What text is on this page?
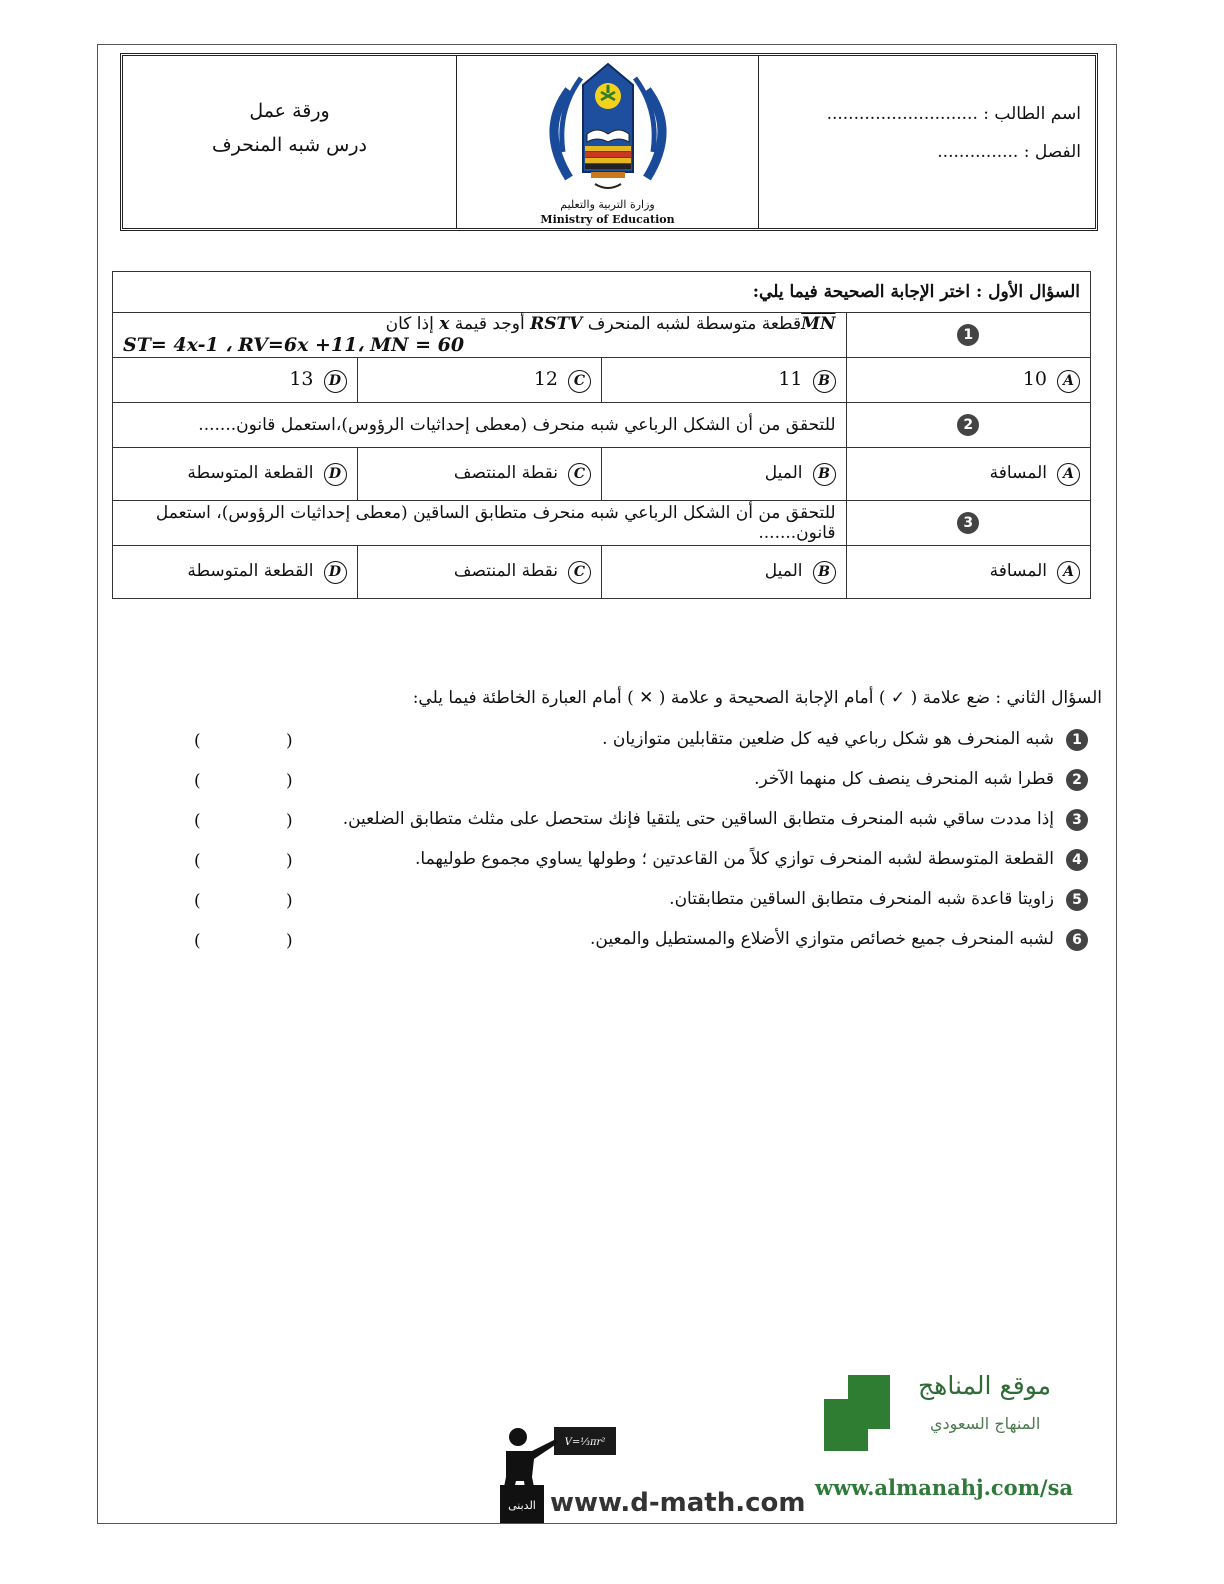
اسم الطالب : ............................
الفصل : ...............
وزارة التربية والتعليم
Ministry of Education
ورقة عمل
درس شبه المنحرف
السؤال الأول : اختر الإجابة الصحيحة فيما يلي:			
1	$\overline{MN}قطعة$ متوسطة لشبه المنحرف RSTV أوجد قيمة x إذا كان
ST= 4x-1 ، RV=6x +11، MN = 60		

A10	B11	C12	D13
2	للتحقق من أن الشكل الرباعي شبه منحرف (معطى إحداثيات الرؤوس)،استعمل قانون.......		
Aالمسافة	Bالميل	Cنقطة المنتصف	Dالقطعة المتوسطة
3	للتحقق من أن الشكل الرباعي شبه منحرف متطابق الساقين (معطى إحداثيات الرؤوس)، استعمل قانون.......		
Aالمسافة	Bالميل	Cنقطة المنتصف	Dالقطعة المتوسطة
السؤال الثاني : ضع علامة ( ✓ ) أمام الإجابة الصحيحة و علامة ( ✕ ) أمام العبارة الخاطئة فيما يلي:
1شبه المنحرف هو شكل رباعي فيه كل ضلعين متقابلين متوازيان .
( )
2قطرا شبه المنحرف ينصف كل منهما الآخر.
( )
3إذا مددت ساقي شبه المنحرف متطابق الساقين حتى يلتقيا فإنك ستحصل على مثلث متطابق الضلعين.
( )
4القطعة المتوسطة لشبه المنحرف توازي كلاً من القاعدتين ؛ وطولها يساوي مجموع طوليهما.
( )
5زاويتا قاعدة شبه المنحرف متطابق الساقين متطابقتان.
( )
6لشبه المنحرف جميع خصائص متوازي الأضلاع والمستطيل والمعين.
( )
V=⅓πr²
الدبنى www.d-math.com
موقع المناهج
المنهاج السعودي
www.almanahj.com/sa
